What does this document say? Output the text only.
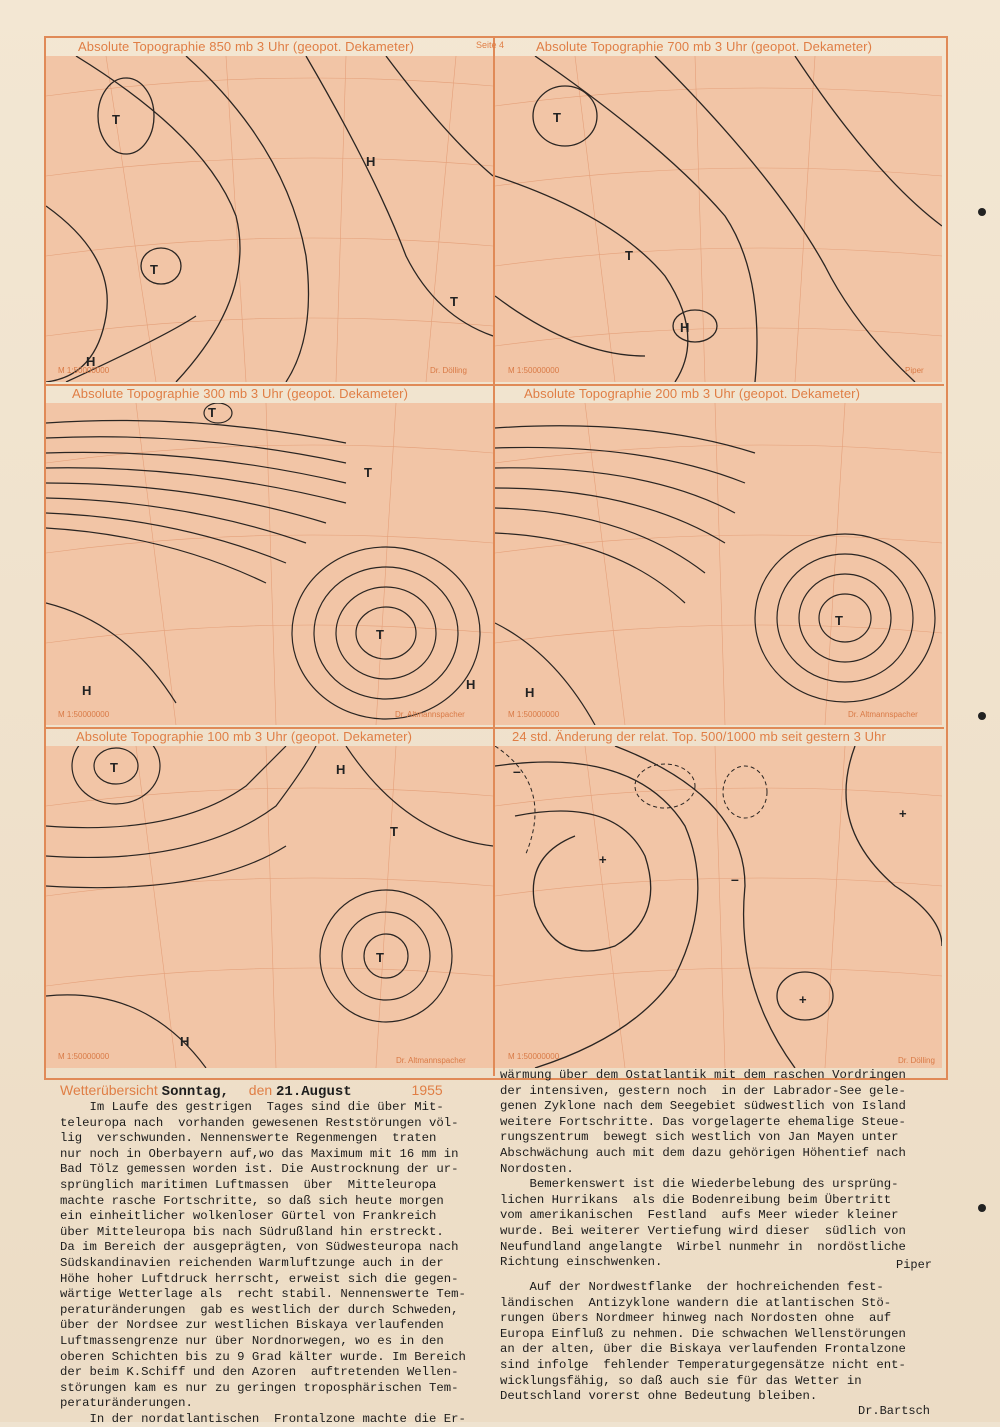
Seite 4
Absolute Topographie 850 mb 3 Uhr (geopot. Dekameter)	Absolute Topographie 700 mb 3 Uhr (geopot. Dekameter)
Absolute Topographie 300 mb 3 Uhr (geopot. Dekameter)	Absolute Topographie 200 mb 3 Uhr (geopot. Dekameter)
Absolute Topographie 100 mb 3 Uhr (geopot. Dekameter)	24 std. Änderung der relat. Top. 500/1000 mb seit gestern 3 Uhr
T
T
T
H
H
T
T
H
T
T
T
H	H
T
H
T
T
T
H
H
+
+
+
–
–
M 1:50000000	Dr. Dölling	M 1:50000000	Piper
M 1:50000000	Dr. Altmannspacher	M 1:50000000	Dr. Altmannspacher
M 1:50000000	Dr. Altmannspacher	M 1:50000000	Dr. Dölling
Wetterübersicht Sonntag, den 21.August	1955
Im Laufe des gestrigen  Tages sind die über Mit-
teleuropa nach  vorhanden gewesenen Reststörungen völ-
lig  verschwunden. Nennenswerte Regenmengen  traten
nur noch in Oberbayern auf,wo das Maximum mit 16 mm in
Bad Tölz gemessen worden ist. Die Austrocknung der ur-
sprünglich maritimen Luftmassen  über  Mitteleuropa
machte rasche Fortschritte, so daß sich heute morgen
ein einheitlicher wolkenloser Gürtel von Frankreich
über Mitteleuropa bis nach Südrußland hin erstreckt.
Da im Bereich der ausgeprägten, von Südwesteuropa nach
Südskandinavien reichenden Warmluftzunge auch in der
Höhe hoher Luftdruck herrscht, erweist sich die gegen-
wärtige Wetterlage als  recht stabil. Nennenswerte Tem-
peraturänderungen  gab es westlich der durch Schweden,
über der Nordsee zur westlichen Biskaya verlaufenden
Luftmassengrenze nur über Nordnorwegen, wo es in den
oberen Schichten bis zu 9 Grad kälter wurde. Im Bereich
der beim K.Schiff und den Azoren  auftretenden Wellen-
störungen kam es nur zu geringen troposphärischen Tem-
peraturänderungen.
In der nordatlantischen  Frontalzone machte die Er-
wärmung über dem Ostatlantik mit dem raschen Vordringen
der intensiven, gestern noch  in der Labrador-See gele-
genen Zyklone nach dem Seegebiet südwestlich von Island
weitere Fortschritte. Das vorgelagerte ehemalige Steue-
rungszentrum  bewegt sich westlich von Jan Mayen unter
Abschwächung auch mit dem dazu gehörigen Höhentief nach
Nordosten.
Bemerkenswert ist die Wiederbelebung des ursprüng-
lichen Hurrikans  als die Bodenreibung beim Übertritt
vom amerikanischen  Festland  aufs Meer wieder kleiner
wurde. Bei weiterer Vertiefung wird dieser  südlich von
Neufundland angelangte  Wirbel nunmehr in  nordöstliche
Richtung einschwenken.	Piper
Auf der Nordwestflanke  der hochreichenden fest-
ländischen  Antizyklone wandern die atlantischen Stö-
rungen übers Nordmeer hinweg nach Nordosten ohne  auf
Europa Einfluß zu nehmen. Die schwachen Wellenstörungen
an der alten, über die Biskaya verlaufenden Frontalzone
sind infolge  fehlender Temperaturgegensätze nicht ent-
wicklungsfähig, so daß auch sie für das Wetter in
Deutschland vorerst ohne Bedeutung bleiben.
Dr.Bartsch
